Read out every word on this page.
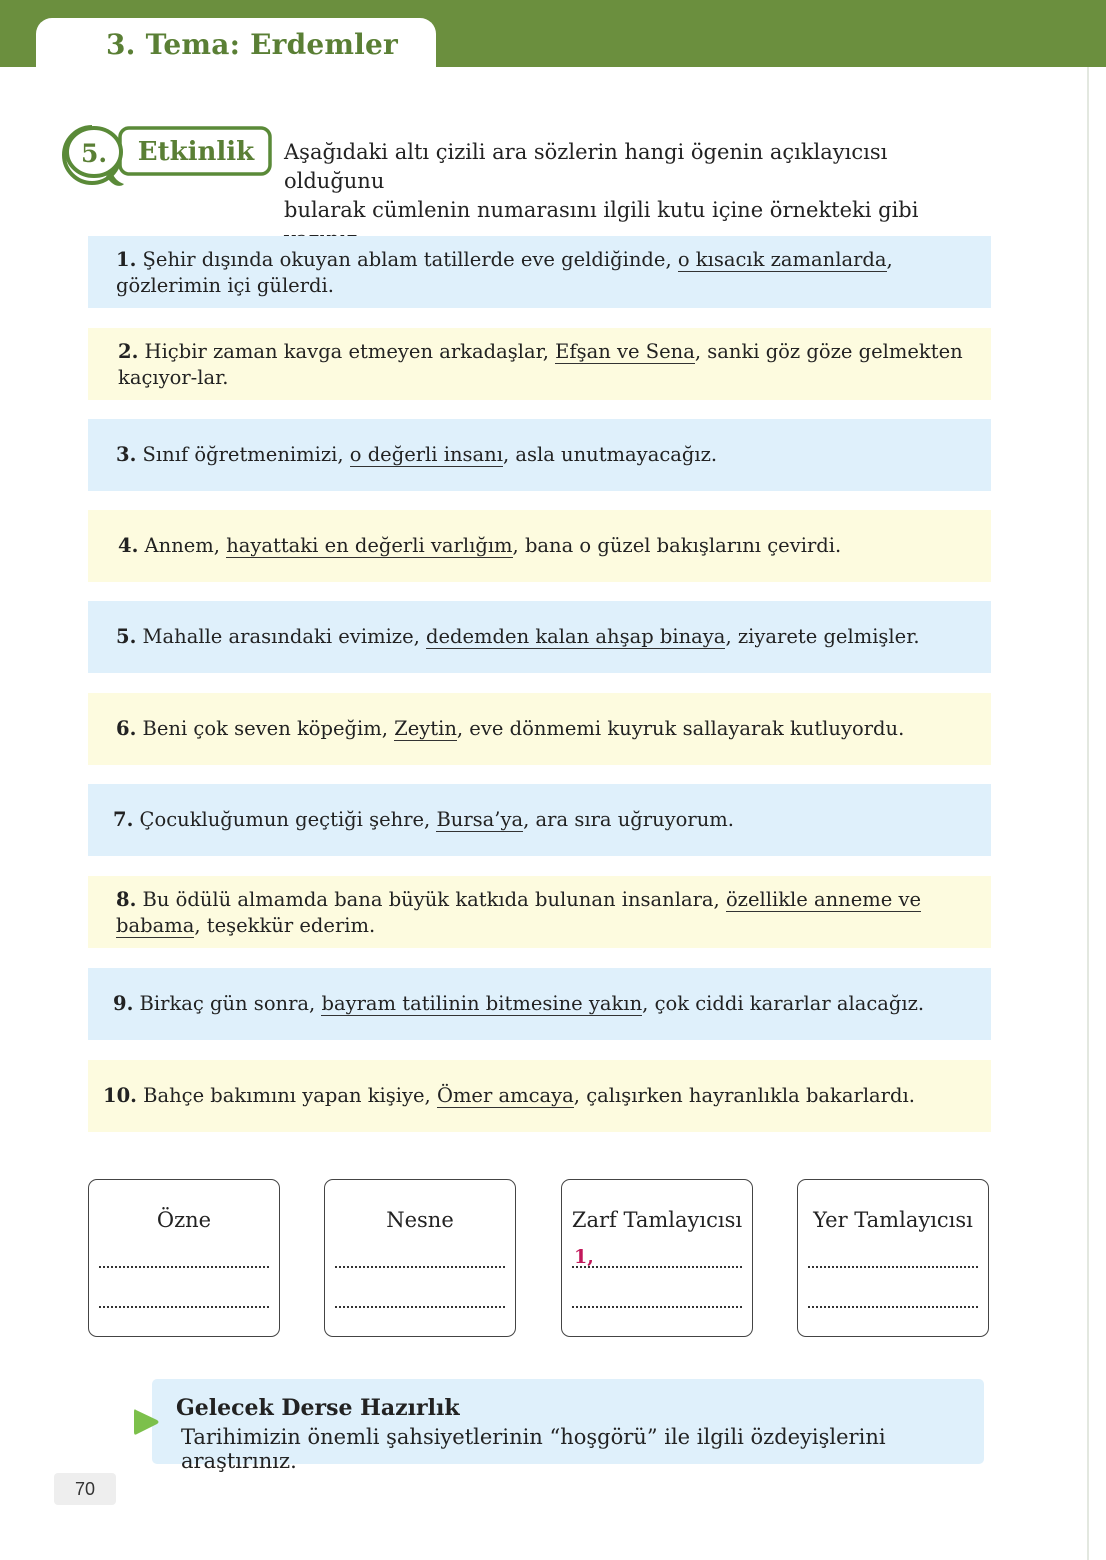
3. Tema: Erdemler
5. Etkinlik Aşağıdaki altı çizili ara sözlerin hangi ögenin açıklayıcısı olduğunu
bularak cümlenin numarasını ilgili kutu içine örnekteki gibi
1. Şehir dışında okuyan ablam tatillerde eve geldiğinde, o kısacık zamanlarda, gözlerimin içi gülerdi.
2. Hiçbir zaman kavga etmeyen arkadaşlar, Efşan ve Sena, sanki göz göze gelmekten kaçıyor-lar.
3. Sınıf öğretmenimizi, o değerli insanı, asla unutmayacağız.
4. Annem, hayattaki en değerli varlığım, bana o güzel bakışlarını çevirdi.
5. Mahalle arasındaki evimize, dedemden kalan ahşap binaya, ziyarete gelmişler.
6. Beni çok seven köpeğim, Zeytin, eve dönmemi kuyruk sallayarak kutluyordu.
7. Çocukluğumun geçtiği şehre, Bursa’ya, ara sıra uğruyorum.
8. Bu ödülü almamda bana büyük katkıda bulunan insanlara, özellikle anneme ve babama, teşekkür ederim.
9. Birkaç gün sonra, bayram tatilinin bitmesine yakın, çok ciddi kararlar alacağız.
10. Bahçe bakımını yapan kişiye, Ömer amcaya, çalışırken hayranlıkla bakarlardı.
Özne	Nesne	Zarf Tamlayıcısı
1,
Yer Tamlayıcısı
Gelecek Derse Hazırlık
Tarihimizin önemli şahsiyetlerinin “hoşgörü” ile ilgili özdeyişlerini araştırınız.
70
